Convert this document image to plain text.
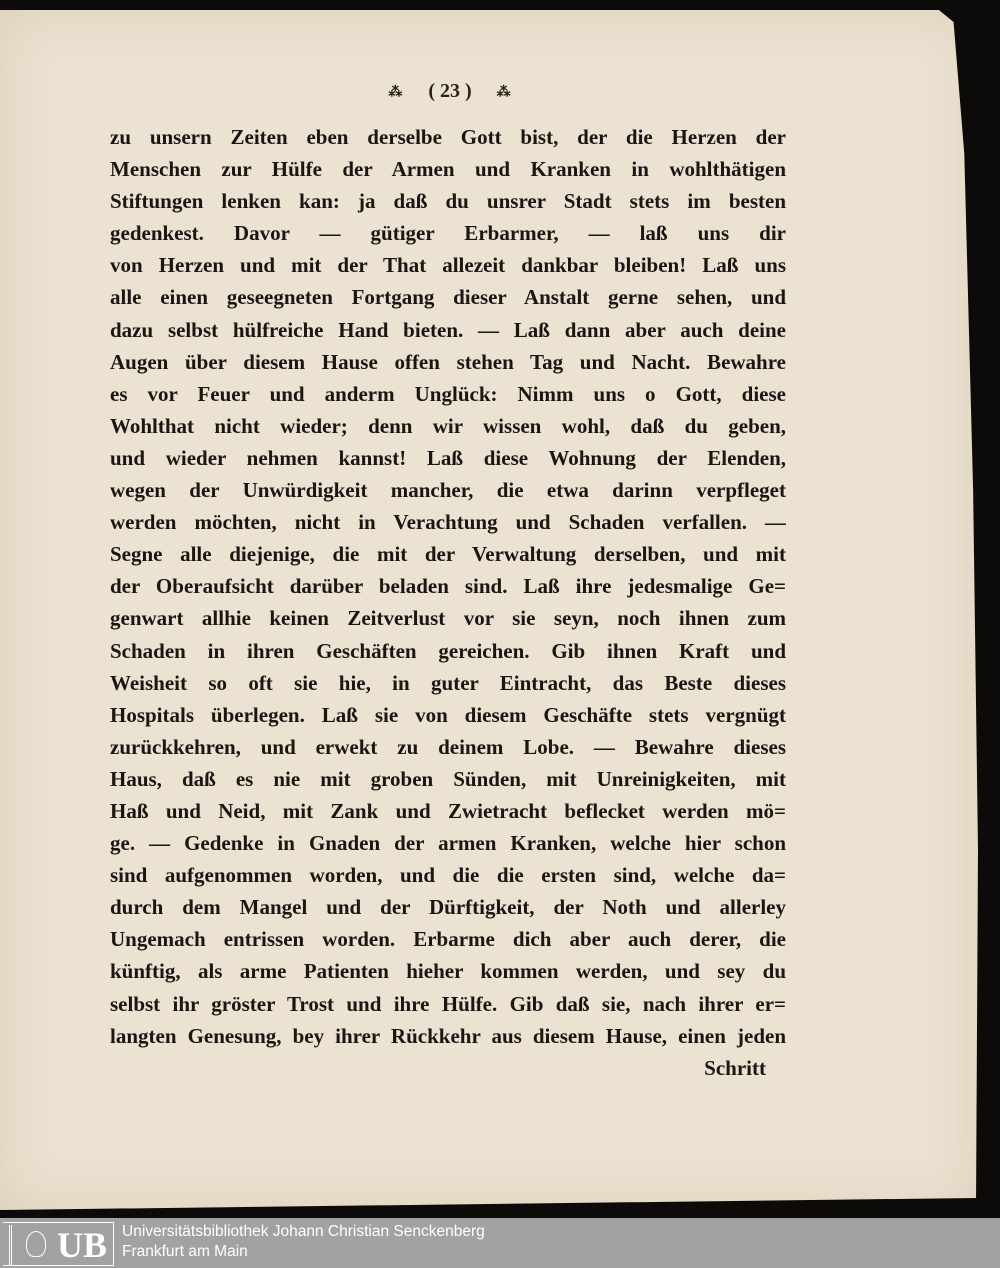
⁂ ( 23 ) ⁂
zu unsern Zeiten eben derselbe Gott bist, der die Herzen der
Menschen zur Hülfe der Armen und Kranken in wohlthätigen
Stiftungen lenken kan: ja daß du unsrer Stadt stets im besten
gedenkest. Davor — gütiger Erbarmer, — laß uns dir
von Herzen und mit der That allezeit dankbar bleiben! Laß uns
alle einen geseegneten Fortgang dieser Anstalt gerne sehen, und
dazu selbst hülfreiche Hand bieten. — Laß dann aber auch deine
Augen über diesem Hause offen stehen Tag und Nacht. Bewahre
es vor Feuer und anderm Unglück: Nimm uns o Gott, diese
Wohlthat nicht wieder; denn wir wissen wohl, daß du geben,
und wieder nehmen kannst! Laß diese Wohnung der Elenden,
wegen der Unwürdigkeit mancher, die etwa darinn verpfleget
werden möchten, nicht in Verachtung und Schaden verfallen. —
Segne alle diejenige, die mit der Verwaltung derselben, und mit
der Oberaufsicht darüber beladen sind. Laß ihre jedesmalige Ge=
genwart allhie keinen Zeitverlust vor sie seyn, noch ihnen zum
Schaden in ihren Geschäften gereichen. Gib ihnen Kraft und
Weisheit so oft sie hie, in guter Eintracht, das Beste dieses
Hospitals überlegen. Laß sie von diesem Geschäfte stets vergnügt
zurückkehren, und erwekt zu deinem Lobe. — Bewahre dieses
Haus, daß es nie mit groben Sünden, mit Unreinigkeiten, mit
Haß und Neid, mit Zank und Zwietracht beflecket werden mö=
ge. — Gedenke in Gnaden der armen Kranken, welche hier schon
sind aufgenommen worden, und die die ersten sind, welche da=
durch dem Mangel und der Dürftigkeit, der Noth und allerley
Ungemach entrissen worden. Erbarme dich aber auch derer, die
künftig, als arme Patienten hieher kommen werden, und sey du
selbst ihr gröster Trost und ihre Hülfe. Gib daß sie, nach ihrer er=
langten Genesung, bey ihrer Rückkehr aus diesem Hause, einen jeden
Schritt
UB Universitätsbibliothek Johann Christian Senckenberg
Frankfurt am Main
